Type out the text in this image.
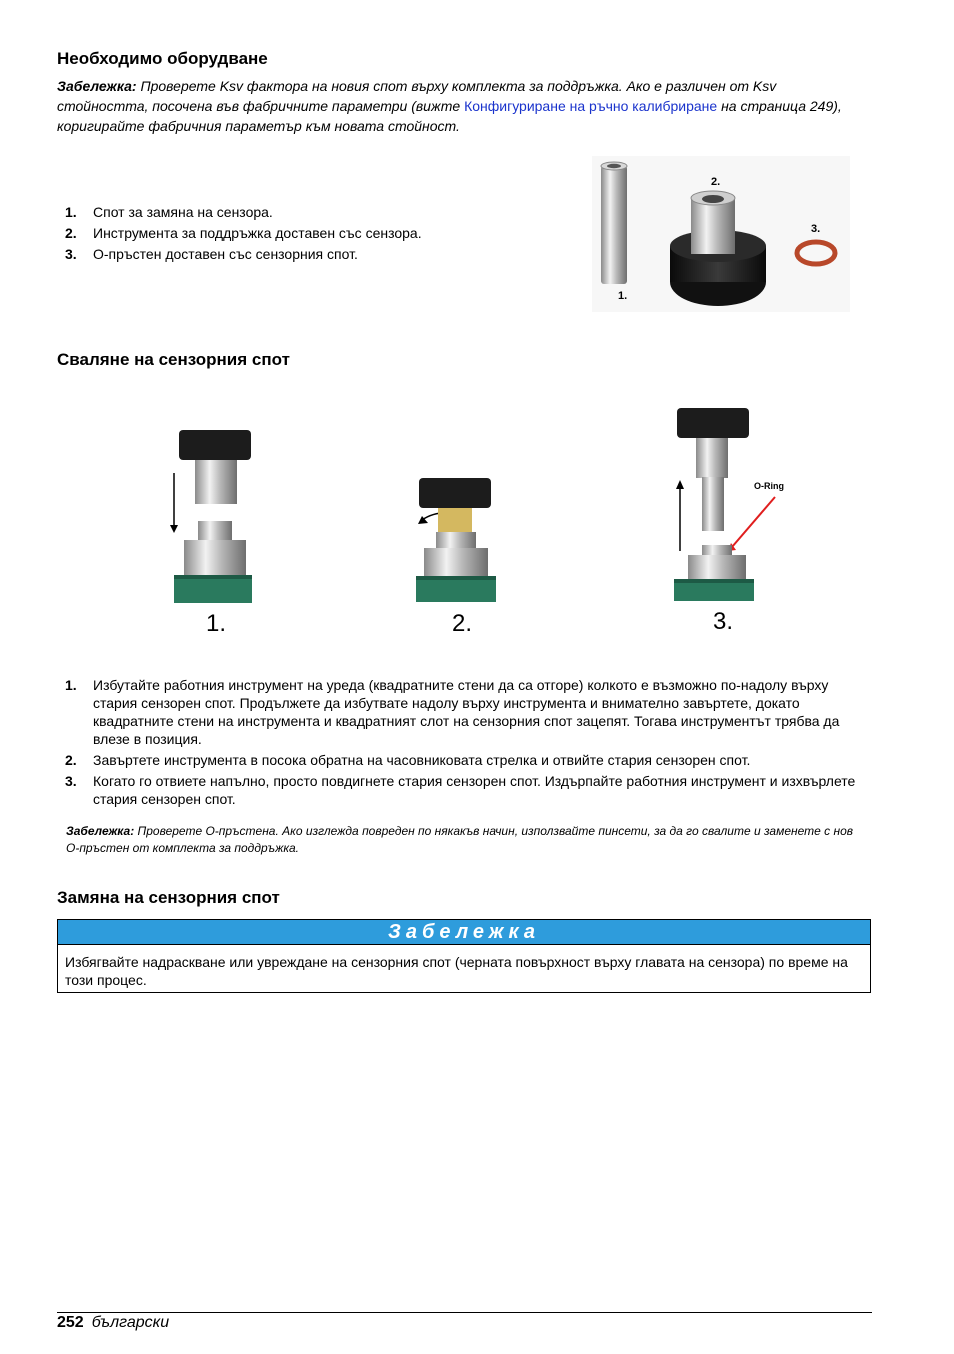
Необходимо оборудване

Забележка: Проверете Ksv фактора на новия спот върху комплекта за поддръжка. Ако е различен от Ksv стойността, посочена във фабричните параметри (вижте Конфигуриране на ръчно калибриране на страница 249), коригирайте фабричния параметър към новата стойност.

1. Спот за замяна на сензора.
2. Инструмента за поддръжка доставен със сензора.
3. О-пръстен доставен със сензорния спот.
1.
2.
3.
Сваляне на сензорния спот
1.	2.
O-Ring
3.
1. Избутайте работния инструмент на уреда (квадратните стени да са отгоре) колкото е възможно по-надолу върху стария сензорен спот. Продължете да избутвате надолу върху инструмента и внимателно завъртете, докато квадратните стени на инструмента и квадратният слот на сензорния спот зацепят. Тогава инструментът трябва да влезе в позиция.
2. Завъртете инструмента в посока обратна на часовниковата стрелка и отвийте стария сензорен спот.
3. Когато го отвиете напълно, просто повдигнете стария сензорен спот. Издърпайте работния инструмент и изхвърлете стария сензорен спот.

Забележка: Проверете О-пръстена. Ако изглежда повреден по някакъв начин, използвайте пинсети, за да го свалите и заменете с нов О-пръстен от комплекта за поддръжка.

Замяна на сензорния спот
Забележка
Избягвайте надраскване или увреждане на сензорния спот (черната повърхност върху главата на сензора) по време на този процес.
252 български
